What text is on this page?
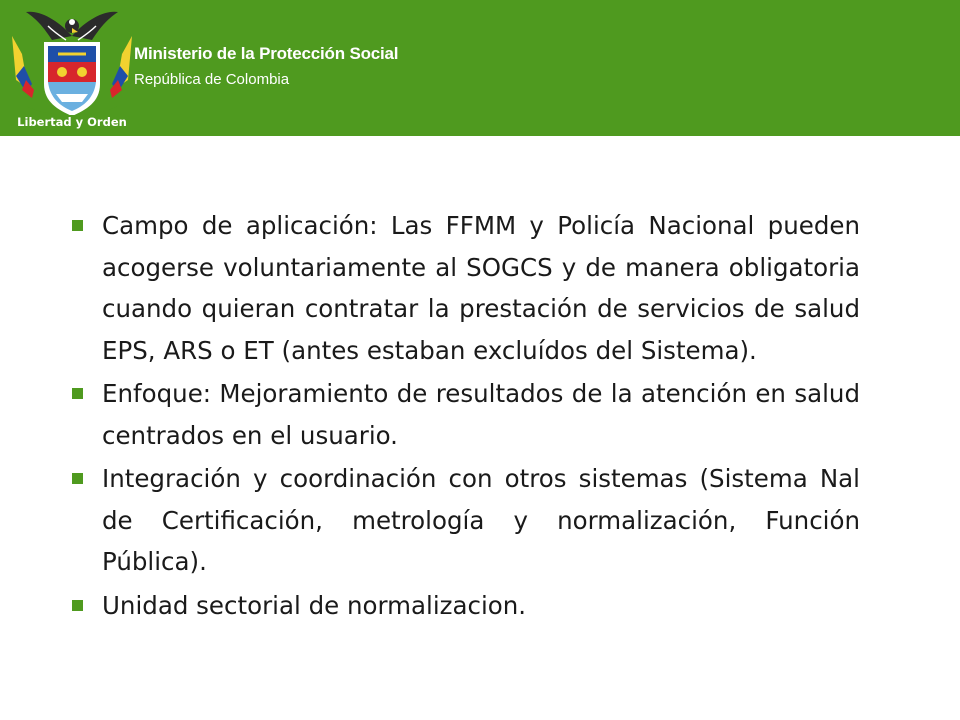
Libertad y Orden
Ministerio de la Protección Social
República de Colombia
Campo de aplicación: Las FFMM y Policía Nacional pueden acogerse voluntariamente al SOGCS y de manera obligatoria cuando quieran contratar la prestación de servicios de salud EPS, ARS o ET (antes estaban excluídos del Sistema).
Enfoque: Mejoramiento de resultados de la atención en salud centrados en el usuario.
Integración y coordinación con otros sistemas (Sistema Nal de Certificación, metrología y normalización, Función Pública).
Unidad sectorial de normalizacion.
